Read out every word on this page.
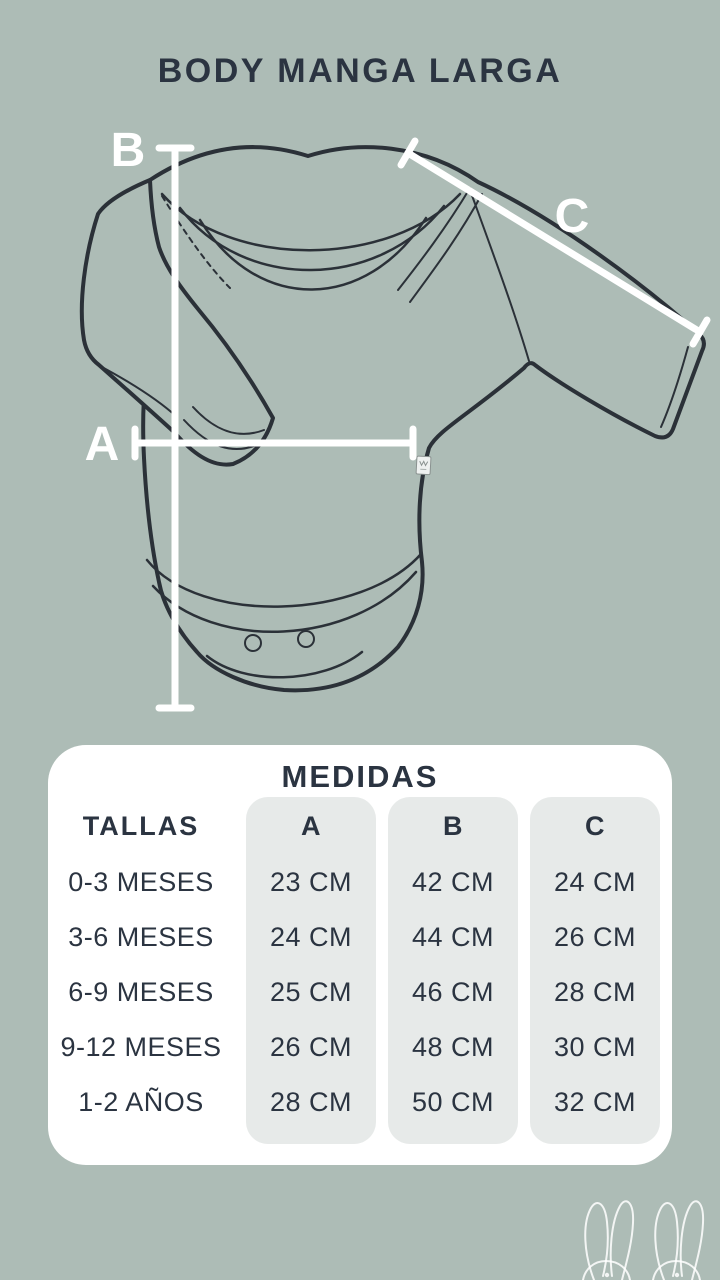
BODY MANGA LARGA
B
A
C
MEDIDAS
TALLAS
0-3 MESES
3-6 MESES
6-9 MESES
9-12 MESES
1-2 AÑOS
A
23 CM
24 CM
25 CM
26 CM
28 CM
B
42 CM
44 CM
46 CM
48 CM
50 CM
C
24 CM
26 CM
28 CM
30 CM
32 CM
